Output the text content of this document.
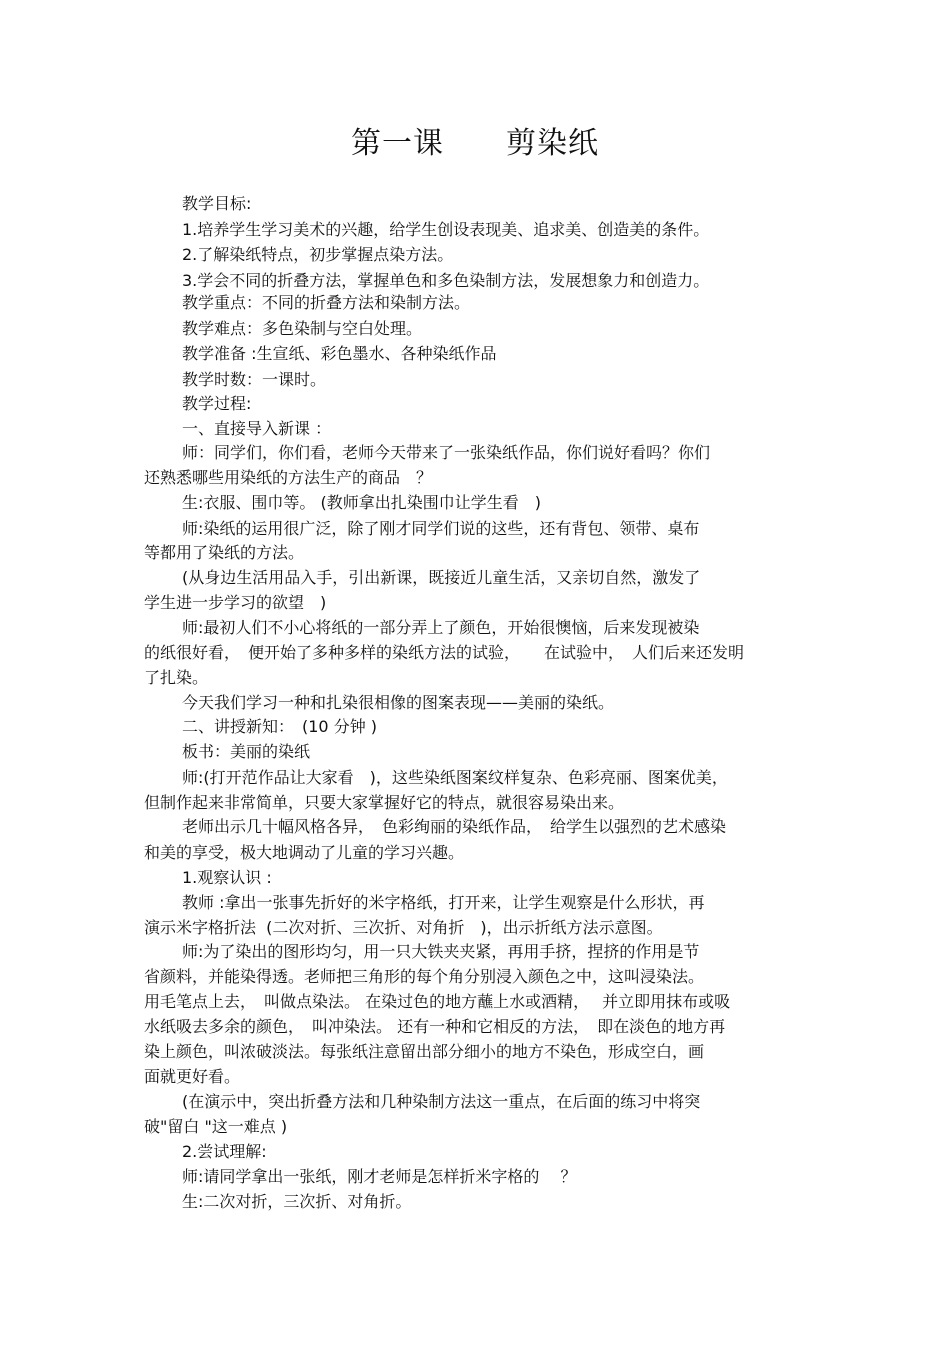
第一课　　剪染纸
教学目标:
1.培养学生学习美术的兴趣，给学生创设表现美、追求美、创造美的条件。
2.了解染纸特点，初步掌握点染方法。
3.学会不同的折叠方法，掌握单色和多色染制方法，发展想象力和创造力。
教学重点：不同的折叠方法和染制方法。
教学难点：多色染制与空白处理。
教学准备 :生宣纸、彩色墨水、各种染纸作品
教学时数：一课时。
教学过程:
一、直接导入新课 ：
师：同学们，你们看，老师今天带来了一张染纸作品，你们说好看吗？你们
还熟悉哪些用染纸的方法生产的商品　？
生:衣服、围巾等。 (教师拿出扎染围巾让学生看　)
师:染纸的运用很广泛，除了刚才同学们说的这些，还有背包、领带、桌布
等都用了染纸的方法。
(从身边生活用品入手，引出新课，既接近儿童生活，又亲切自然，激发了
学生进一步学习的欲望　)
师:最初人们不小心将纸的一部分弄上了颜色，开始很懊恼，后来发现被染
的纸很好看，　便开始了多种多样的染纸方法的试验，　　在试验中，　人们后来还发明
了扎染。
今天我们学习一种和扎染很相像的图案表现——美丽的染纸。
二、讲授新知：　(10 分钟 )
板书：美丽的染纸
师:(打开范作品让大家看　)，这些染纸图案纹样复杂、色彩亮丽、图案优美，
但制作起来非常简单，只要大家掌握好它的特点，就很容易染出来。
老师出示几十幅风格各异，　色彩绚丽的染纸作品，　给学生以强烈的艺术感染
和美的享受，极大地调动了儿童的学习兴趣。
1.观察认识 :
教师 :拿出一张事先折好的米字格纸，打开来，让学生观察是什么形状，再
演示米字格折法  (二次对折、三次折、对角折　)，出示折纸方法示意图。
师:为了染出的图形均匀，用一只大铁夹夹紧，再用手挤，捏挤的作用是节
省颜料，并能染得透。老师把三角形的每个角分别浸入颜色之中，这叫浸染法。
用毛笔点上去，　叫做点染法。 在染过色的地方蘸上水或酒精，　 并立即用抹布或吸
水纸吸去多余的颜色，　叫冲染法。 还有一种和它相反的方法，　即在淡色的地方再
染上颜色，叫浓破淡法。每张纸注意留出部分细小的地方不染色，形成空白，画
面就更好看。
(在演示中，突出折叠方法和几种染制方法这一重点，在后面的练习中将突
破"留白 "这一难点 )
2.尝试理解:
师:请同学拿出一张纸，刚才老师是怎样折米字格的　 ？
生:二次对折，三次折、对角折。
